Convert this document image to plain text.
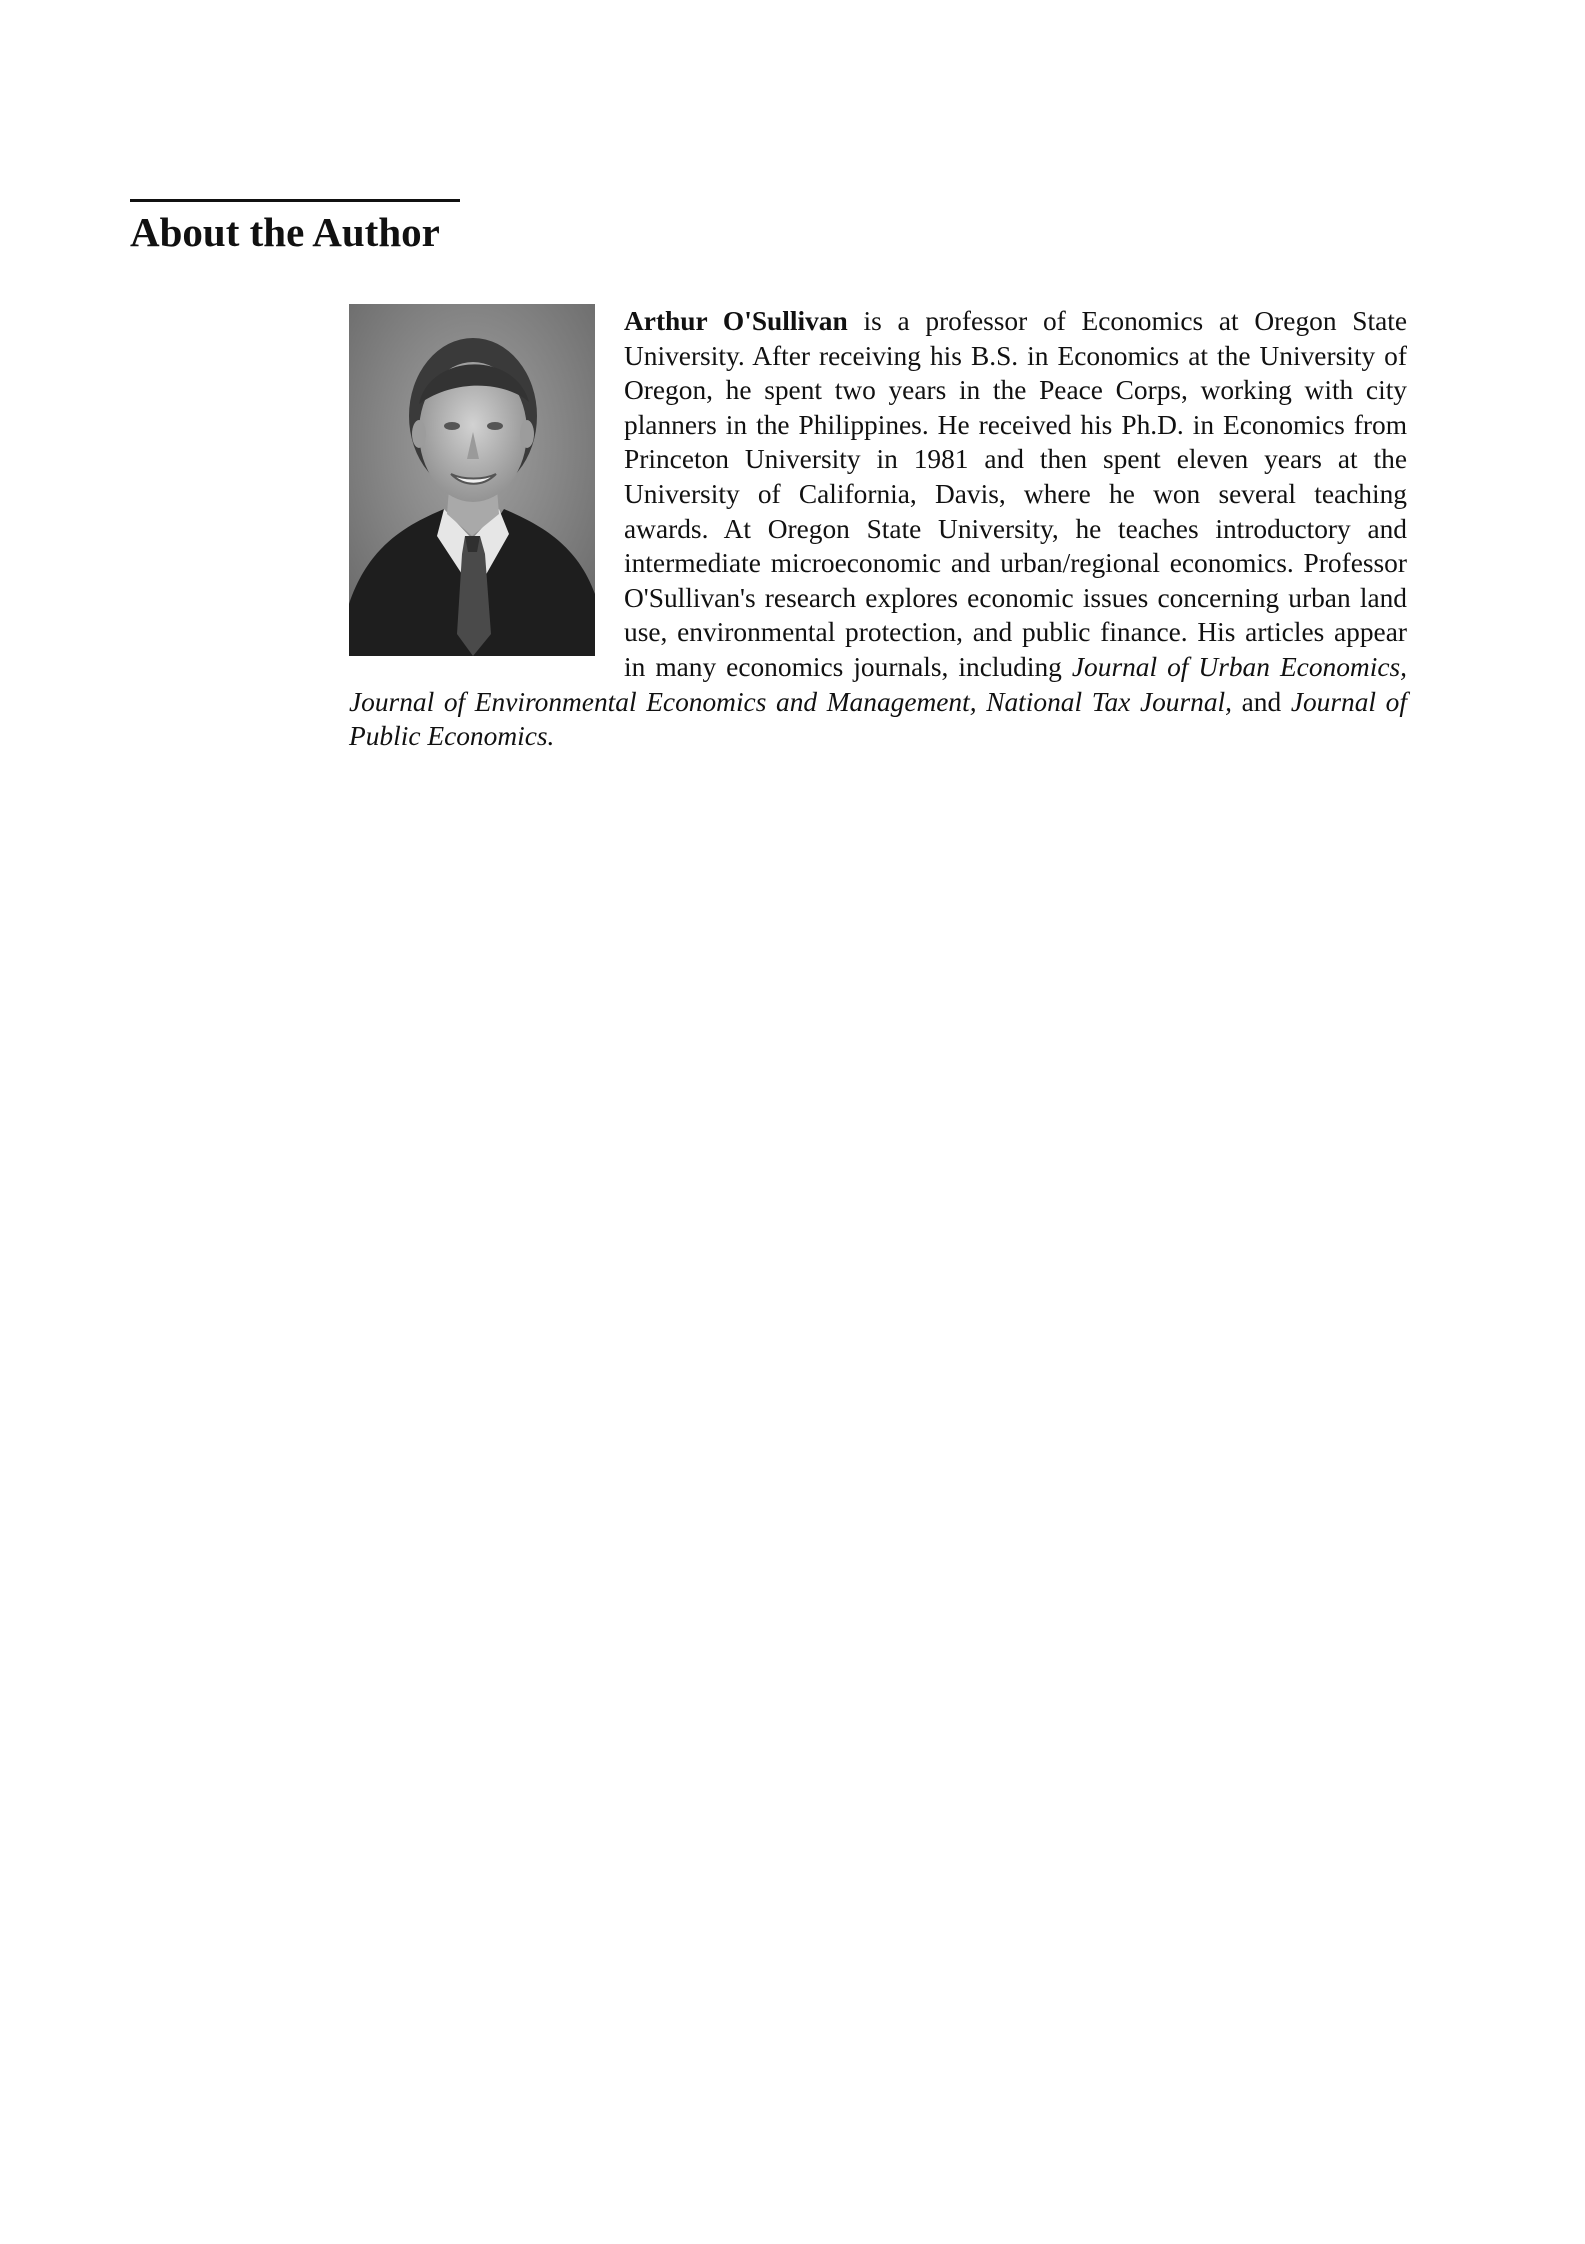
About the Author

Arthur O'Sullivan is a professor of Economics at Oregon State University. After receiving his B.S. in Economics at the University of Oregon, he spent two years in the Peace Corps, working with city planners in the Philippines. He received his Ph.D. in Economics from Princeton University in 1981 and then spent eleven years at the University of California, Davis, where he won several teaching awards. At Oregon State University, he teaches introductory and intermediate microeconomic and urban/regional economics. Professor O'Sullivan's research explores economic issues concerning urban land use, environmental protection, and public finance. His articles appear in many economics journals, including Journal of Urban Economics, Journal of Environmental Economics and Management, National Tax Journal, and Journal of Public Economics.
